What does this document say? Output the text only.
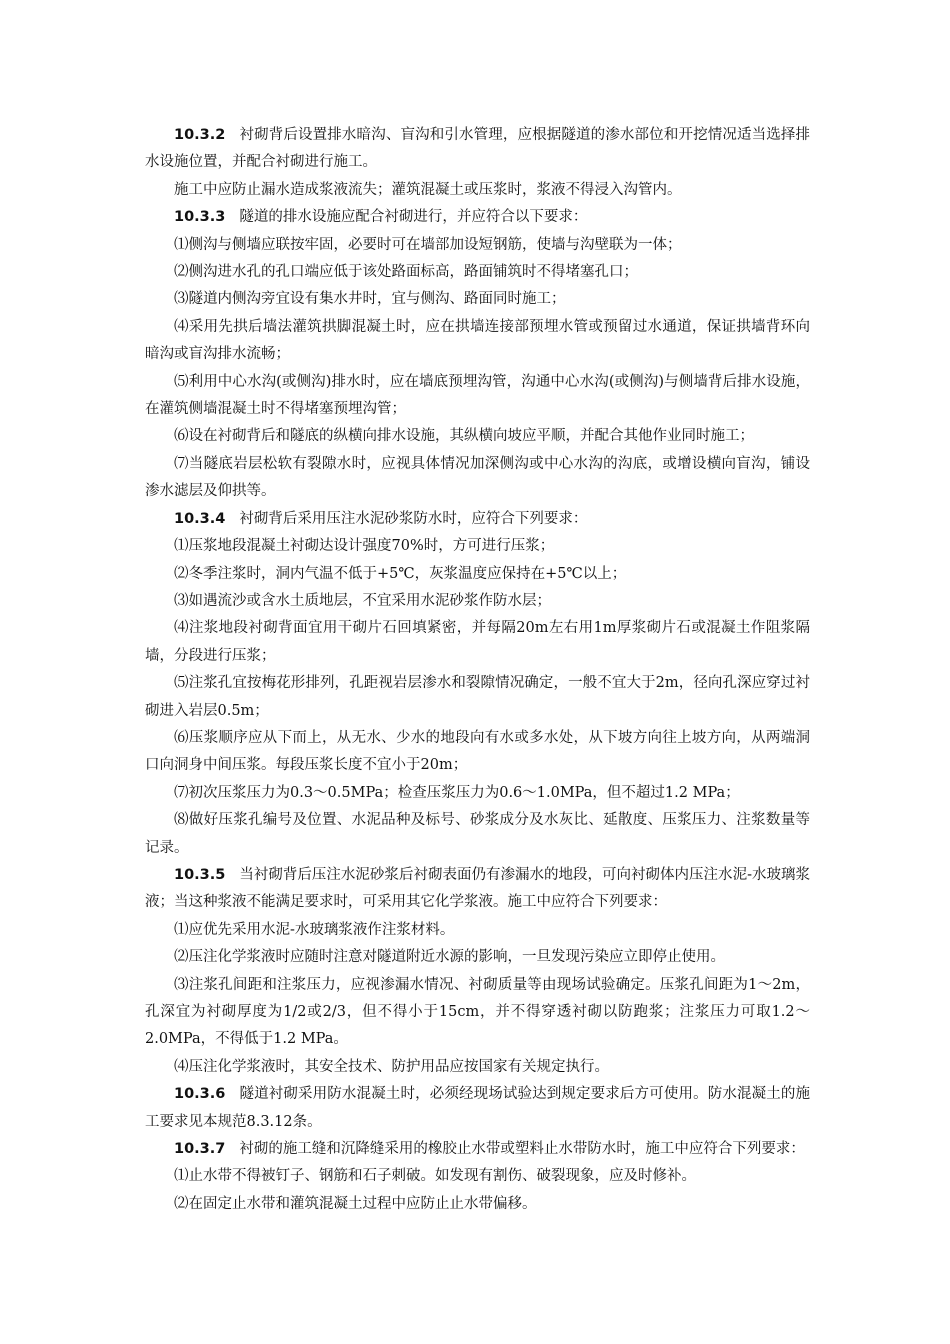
10.3.2 衬砌背后设置排水暗沟、盲沟和引水管理，应根据隧道的渗水部位和开挖情况适当选择排水设施位置，并配合衬砌进行施工。

施工中应防止漏水造成浆液流失；灌筑混凝土或压浆时，浆液不得浸入沟管内。

10.3.3 隧道的排水设施应配合衬砌进行，并应符合以下要求：

⑴侧沟与侧墙应联按牢固，必要时可在墙部加设短钢筋，使墙与沟壁联为一体；

⑵侧沟进水孔的孔口端应低于该处路面标高，路面铺筑时不得堵塞孔口；

⑶隧道内侧沟旁宜设有集水井时，宜与侧沟、路面同时施工；

⑷采用先拱后墙法灌筑拱脚混凝土时，应在拱墙连接部预埋水管或预留过水通道，保证拱墙背环向暗沟或盲沟排水流畅；

⑸利用中心水沟(或侧沟)排水时，应在墙底预埋沟管，沟通中心水沟(或侧沟)与侧墙背后排水设施，在灌筑侧墙混凝土时不得堵塞预埋沟管；

⑹设在衬砌背后和隧底的纵横向排水设施，其纵横向坡应平顺，并配合其他作业同时施工；

⑺当隧底岩层松软有裂隙水时，应视具体情况加深侧沟或中心水沟的沟底，或增设横向盲沟，铺设渗水滤层及仰拱等。

10.3.4 衬砌背后采用压注水泥砂浆防水时，应符合下列要求：

⑴压浆地段混凝土衬砌达设计强度70%时，方可进行压浆；

⑵冬季注浆时，洞内气温不低于+5℃，灰浆温度应保持在+5℃以上；

⑶如遇流沙或含水土质地层，不宜采用水泥砂浆作防水层；

⑷注浆地段衬砌背面宜用干砌片石回填紧密，并每隔20m左右用1m厚浆砌片石或混凝土作阻浆隔墙，分段进行压浆；

⑸注浆孔宜按梅花形排列，孔距视岩层渗水和裂隙情况确定，一般不宜大于2m，径向孔深应穿过衬砌进入岩层0.5m；

⑹压浆顺序应从下而上，从无水、少水的地段向有水或多水处，从下坡方向往上坡方向，从两端洞口向洞身中间压浆。每段压浆长度不宜小于20m；

⑺初次压浆压力为0.3～0.5MPa；检查压浆压力为0.6～1.0MPa，但不超过1.2 MPa；

⑻做好压浆孔编号及位置、水泥品种及标号、砂浆成分及水灰比、延散度、压浆压力、注浆数量等记录。

10.3.5 当衬砌背后压注水泥砂浆后衬砌表面仍有渗漏水的地段，可向衬砌体内压注水泥-水玻璃浆液；当这种浆液不能满足要求时，可采用其它化学浆液。施工中应符合下列要求：

⑴应优先采用水泥-水玻璃浆液作注浆材料。

⑵压注化学浆液时应随时注意对隧道附近水源的影响，一旦发现污染应立即停止使用。

⑶注浆孔间距和注浆压力，应视渗漏水情况、衬砌质量等由现场试验确定。压浆孔间距为1～2m，孔深宜为衬砌厚度为1/2或2/3，但不得小于15cm，并不得穿透衬砌以防跑浆；注浆压力可取1.2～2.0MPa，不得低于1.2 MPa。

⑷压注化学浆液时，其安全技术、防护用品应按国家有关规定执行。

10.3.6 隧道衬砌采用防水混凝土时，必须经现场试验达到规定要求后方可使用。防水混凝土的施工要求见本规范8.3.12条。

10.3.7 衬砌的施工缝和沉降缝采用的橡胶止水带或塑料止水带防水时，施工中应符合下列要求：

⑴止水带不得被钉子、钢筋和石子刺破。如发现有割伤、破裂现象，应及时修补。

⑵在固定止水带和灌筑混凝土过程中应防止止水带偏移。
